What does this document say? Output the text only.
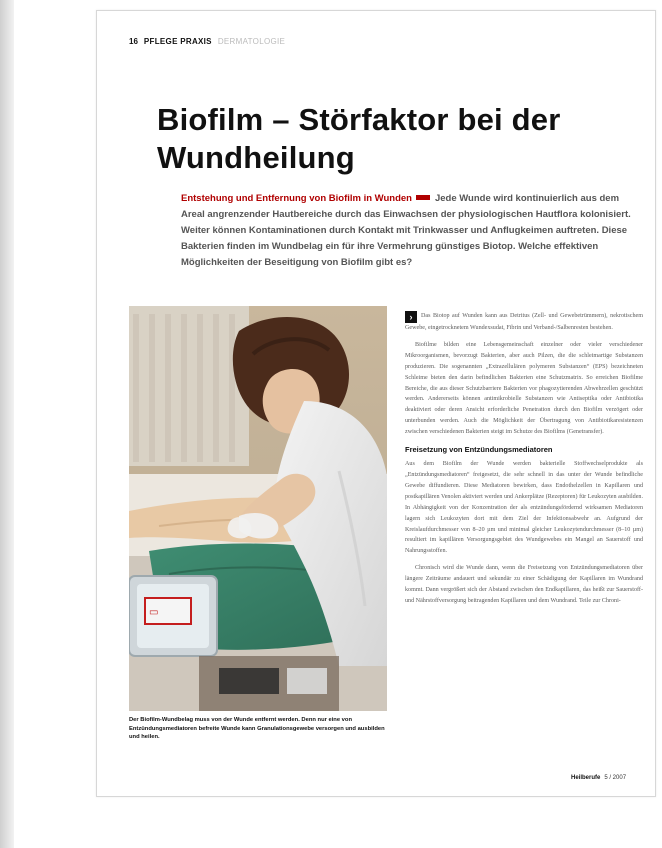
16 PFLEGE PRAXIS DERMATOLOGIE
Biofilm – Störfaktor bei der Wundheilung
Entstehung und Entfernung von Biofilm in Wunden Jede Wunde wird kontinuierlich aus dem Areal angrenzender Hautbereiche durch das Einwachsen der physiologischen Hautflora kolonisiert. Weiter können Kontaminationen durch Kontakt mit Trinkwasser und Anflugkeimen auftreten. Diese Bakterien finden im Wundbelag ein für ihre Vermehrung günstiges Biotop. Welche effektiven Möglichkeiten der Beseitigung von Biofilm gibt es?
▭
Der Biofilm-Wundbelag muss von der Wunde entfernt werden. Denn nur eine von Entzündungsmediatoren befreite Wunde kann Granulationsgewebe versorgen und ausbilden und heilen.

› Das Biotop auf Wunden kann aus Detritus (Zell- und Gewebetrümmern), nekrotischem Gewebe, eingetrocknetem Wundexsudat, Fibrin und Verband-/Salbenresten bestehen.

Biofilme bilden eine Lebensgemeinschaft einzelner oder vieler verschiedener Mikroorganismen, bevorzugt Bakterien, aber auch Pilzen, die die schleimartige Substanzen produzieren. Die sogenannten „Extrazellulären polymeren Substanzen“ (EPS) bezeichneten Schleime bieten den darin befindlichen Bakterien eine Schutzmatrix. So erreichen Biofilme Bereiche, die aus dieser Schutzbarriere Bakterien vor phagozytierenden Abwehrzellen geschützt werden. Andererseits können antimikrobielle Substanzen wie Antiseptika oder Antibiotika deaktiviert oder deren Ansicht erforderliche Penetration durch den Biofilm verzögert oder unterbunden werden. Auch die Möglichkeit der Übertragung von Antibiotikaresistenzen zwischen verschiedenen Bakterien steigt im Schutze des Biofilms (Genetransfer).

Freisetzung von Entzündungsmediatoren

Aus dem Biofilm der Wunde werden bakterielle Stoffwechselprodukte als „Entzündungsmediatoren“ freigesetzt, die sehr schnell in das unter der Wunde befindliche Gewebe diffundieren. Diese Mediatoren bewirken, dass Endothelzellen in Kapillaren und postkapillären Venolen aktiviert werden und Ankerplätze (Rezeptoren) für Leukozyten ausbilden. In Abhängigkeit von der Konzentration der als entzündungsfördernd wirksamen Mediatoren lagern sich Leukozyten dort mit dem Ziel der Infektionsabwehr an. Aufgrund der Kreislaufdurchmesser von 8–20 µm und minimal gleicher Leukozytendurchmesser (8–10 µm) resultiert im kapillären Versorgungsgebiet des Wundgewebes ein Mangel an Sauerstoff und Nahrungsstoffen.

Chronisch wird die Wunde dann, wenn die Freisetzung von Entzündungsmediatoren über längere Zeiträume andauert und sekundär zu einer Schädigung der Kapillaren im Wundrand kommt. Dann vergrößert sich der Abstand zwischen den Endkapillaren, das heißt zur Sauerstoff- und Nährstoffversorgung beitragenden Kapillaren und dem Wundrand. Teile zur Chroni-

Heilberufe 5 / 2007
